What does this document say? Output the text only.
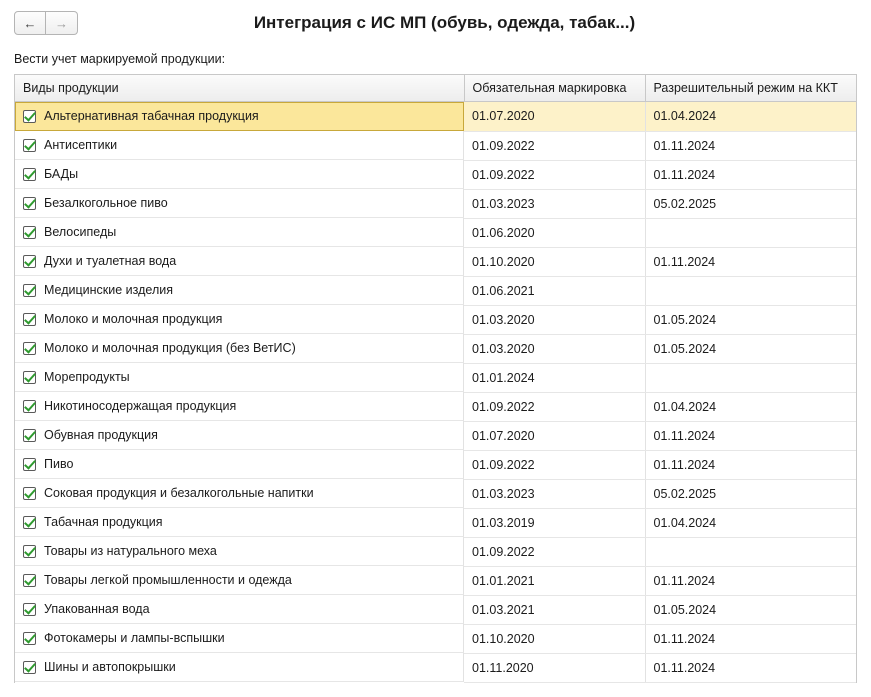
← →	Интеграция с ИС МП (обувь, одежда, табак...)
Вести учет маркируемой продукции:
Виды продукции	Обязательная маркировка	Разрешительный режим на ККТ

Альтернативная табачная продукция	01.07.2020	01.04.2024

Антисептики	01.09.2022	01.11.2024

БАДы	01.09.2022	01.11.2024

Безалкогольное пиво	01.03.2023	05.02.2025

Велосипеды	01.06.2020	

Духи и туалетная вода	01.10.2020	01.11.2024

Медицинские изделия	01.06.2021	

Молоко и молочная продукция	01.03.2020	01.05.2024

Молоко и молочная продукция (без ВетИС)	01.03.2020	01.05.2024

Морепродукты	01.01.2024	

Никотиносодержащая продукция	01.09.2022	01.04.2024

Обувная продукция	01.07.2020	01.11.2024

Пиво	01.09.2022	01.11.2024

Соковая продукция и безалкогольные напитки	01.03.2023	05.02.2025

Табачная продукция	01.03.2019	01.04.2024

Товары из натурального меха	01.09.2022	

Товары легкой промышленности и одежда	01.01.2021	01.11.2024

Упакованная вода	01.03.2021	01.05.2024

Фотокамеры и лампы-вспышки	01.10.2020	01.11.2024

Шины и автопокрышки	01.11.2020	01.11.2024
